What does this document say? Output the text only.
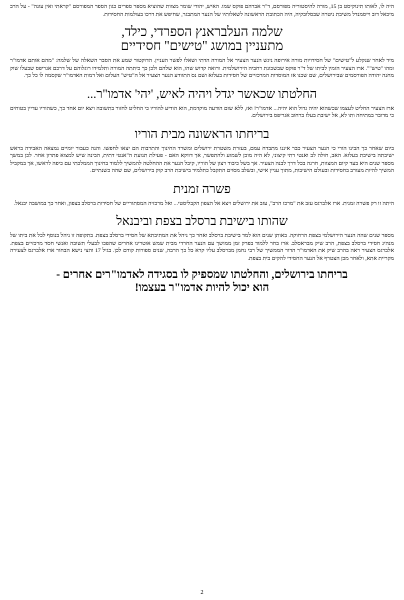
היה לו, לאותו תינוקיסט בן 15, מורה להיסטוריה מפורסם, ד"ר אברהם פוקס שמו. האיש, יהודי שומר מצוות שהוציא מספר ספרים כגון הספר המפורסם "קראתי ואין עונה" - על הרב מיכאל דוב וייסמנדל משיבת ניטרה שבסלובקיה, היה הכתובת הראשונה לשאלותיו של הנער המתבגר, שחיפש את דרכו בעולמות החסידות.

שלמה העלבראנץ הספרדי, כילד,
מתעניין במושג "טישים" חסידיים

מיד לאחר שנקלע ל"טישים" של חסידויות מורה אירופה ניגש הנער הצעיר אל המורה הדתי ושאלו לפשר העניין. הדוקטור שמע את הסבר השאלה של שלמה: "מהם אותם אדמו"ר ומהו "טיש"". ארז הצעיר הזמין לביתו של ד"ר פוקס שבשכונת רחביה הירושלמית. ורואה קדוש שהו, הוא שלהם ולכן כך כיתתה המורה ותלמידו רוגלוהם על דרכם אגריפס שבעלו שוק מחנה יהודה הפורסמים שבירושלים, שם שכנו אז המוסדות המרכזיים של חסידות בעלזא ושם נס התוודע הנער הצעיר אל ה"טיש" העלום ואל דמות האדמו"ר שקסמה לו כל כך.

החלטתו שכאשר יגדל ויהיה לאיש, 'יהי' אדמו"ר...

ארז הצעיר החליט לעצמו שכשהוא יהיה גדול הוא יהיה... אדמו"ר! ואז, ללא שום הודעה מוקדמת, הוא הודיע להוריו כי החליט לחזור בתשובה ויצא יום אחד כך, כשהוריו עדיין בטוחים כי מדובר במתיחה ותו לא, אל ישיבת בעלז ברחוב אגריפס בירושלים.

בריחתו הראשונה מבית הוריו

ביום שאחר כך הבינו הורי כי הנער הצעיר כבר איננו מתבדח עמם, בעזרת משטרת ירושלים ומשרד החינוך והתרבות הם יצאו לחפשו. והנה כעבור יומיים נמצאה האבידה בראש ישיבתה בישיבת בעלזא. האב, חולה לב ואנטי דתי קיצוני, לא היה מוכן לשמוע ולהתפשר, אך דווקא האם - פעילת תנועת ה"אנטי דתית, הבינה שיש למצוא פתרון אחר. לכן במשך מספר שנים היא בעד קיום המצוות, חרגה בכל דרך לבנה הצעיר. אך בשל כיבוד רצון של הוריו, קיבל הנער את ההחלטה להמשיך ללמוד בחינוך הממלכתי עם כיפה לראשו, אך במקביל המשיך להיות מעורב בחסידות ובעולם הישיבות, מתוך עניין אישי, ובשלב מסוים התקבל כתלמיד בישיבת הרב קוק בירושלים, שם שהה כשנתיים.

פשרה זמנית

היתה זו רק פשרה זמנית. ארז אלברגס עזב את "מרכז הרב", עזב את ירושלים ויצא אל הצפון הקבליסטי... ואל מרכזיה המסתוריים של חסידות ברסלב בצפון, ואחר כך במושבה יבנאל.

שהותו בישיבת ברסלב בצפת וביבנאל

מספר שנים שהה הנער הירושלמי בצפת הרחוקה. באותן שנים הוא למד בישיבת ברסלב ואחר כך ניהל את המתיבתא של חסידי ברסלב בצפת. בתקופה זו ניהל בנוסף לכל את ביתו של מנהיג חסידי ברסלב בצפת, הרב שיק מבראסלב. ארז בחר ללמוד בפרק זמן ממושך עם הנער החרדי מבית שמש אוטרינו אחרים שהפכו לבעלי תשובה ואנשי חסד מרכזיים בצפת. אלברגס הצעיר ראה בהרב שיק את האדמו"ר הדור הממשיך של רבי נחמן מברסלב עליו קרא כל כך הרבה, שנים ספורות קודם לכן. בגיל 17 והצי נישא הבחור ארז אלברגס לצעירה מקריית אתא, ולאחר מכן הצטרף אל הנער החסידי להקים בית בצפת.

בריחתו בירושלים, והחלטתו שמספיק לו בסגידה לאדמו"רים אחרים -
הוא יכול להיות אדמו"ר בעצמו!
2
